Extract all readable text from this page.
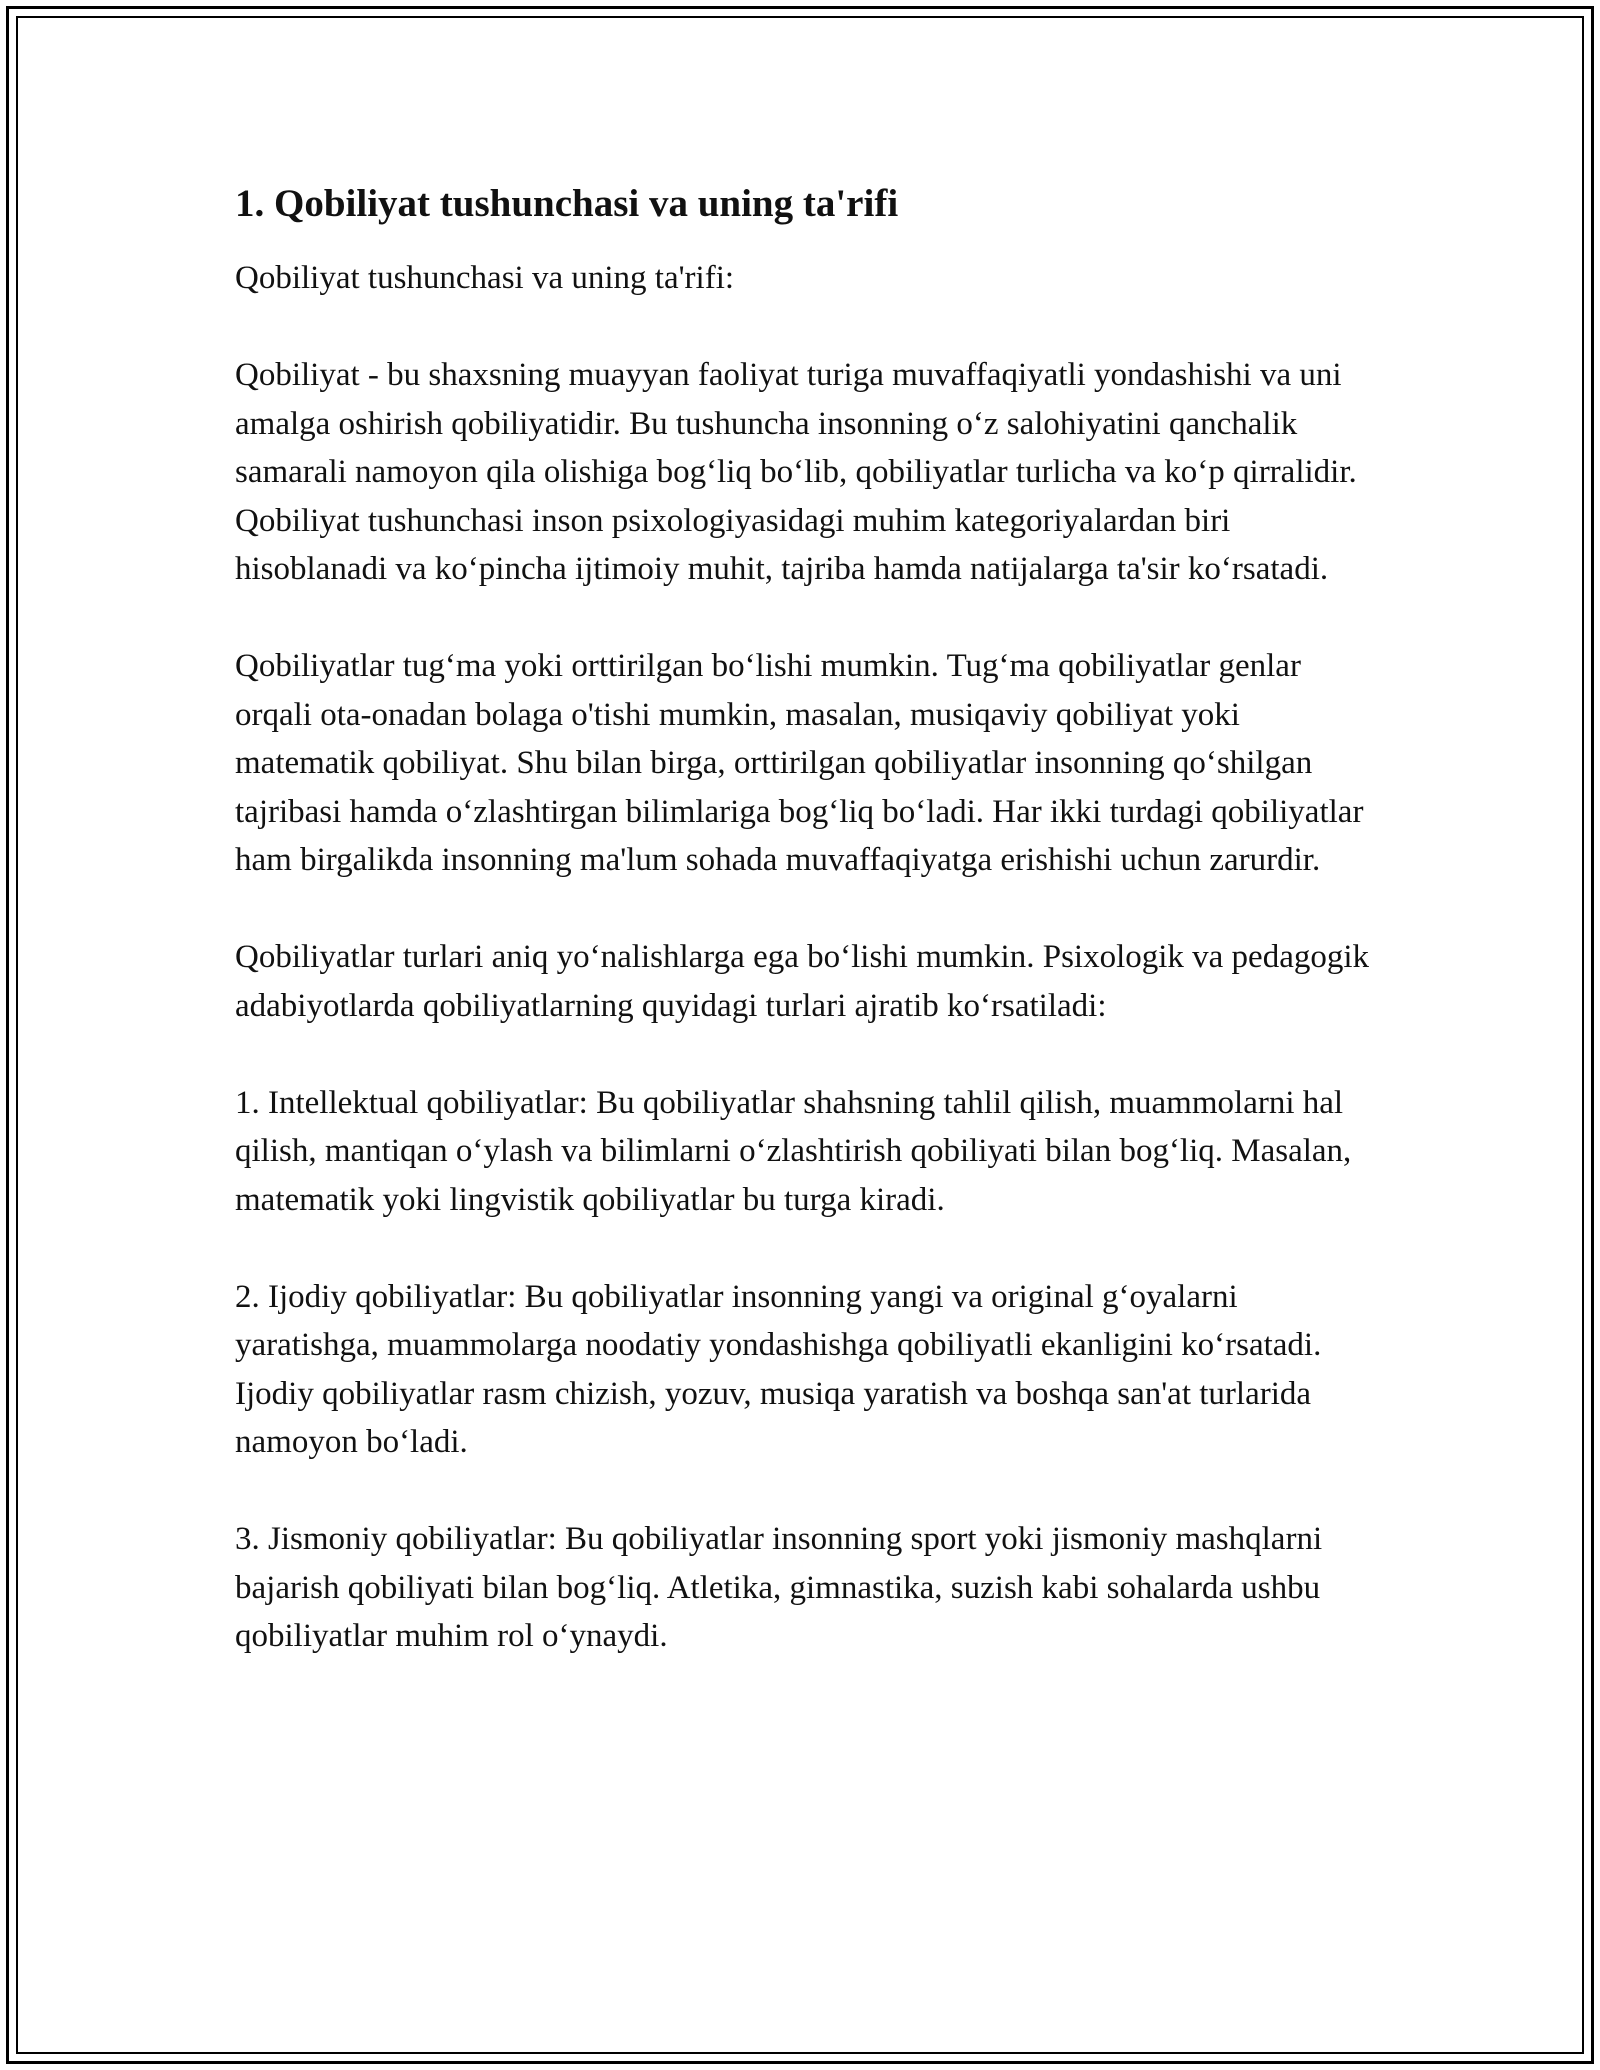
1. Qobiliyat tushunchasi va uning ta'rifi

Qobiliyat tushunchasi va uning ta'rifi:

Qobiliyat - bu shaxsning muayyan faoliyat turiga muvaffaqiyatli yondashishi va uni amalga oshirish qobiliyatidir. Bu tushuncha insonning o‘z salohiyatini qanchalik samarali namoyon qila olishiga bog‘liq bo‘lib, qobiliyatlar turlicha va ko‘p qirralidir. Qobiliyat tushunchasi inson psixologiyasidagi muhim kategoriyalardan biri hisoblanadi va ko‘pincha ijtimoiy muhit, tajriba hamda natijalarga ta'sir ko‘rsatadi.

Qobiliyatlar tug‘ma yoki orttirilgan bo‘lishi mumkin. Tug‘ma qobiliyatlar genlar orqali ota-onadan bolaga o'tishi mumkin, masalan, musiqaviy qobiliyat yoki matematik qobiliyat. Shu bilan birga, orttirilgan qobiliyatlar insonning qo‘shilgan tajribasi hamda o‘zlashtirgan bilimlariga bog‘liq bo‘ladi. Har ikki turdagi qobiliyatlar ham birgalikda insonning ma'lum sohada muvaffaqiyatga erishishi uchun zarurdir.

Qobiliyatlar turlari aniq yo‘nalishlarga ega bo‘lishi mumkin. Psixologik va pedagogik adabiyotlarda qobiliyatlarning quyidagi turlari ajratib ko‘rsatiladi:

1. Intellektual qobiliyatlar: Bu qobiliyatlar shahsning tahlil qilish, muammolarni hal qilish, mantiqan o‘ylash va bilimlarni o‘zlashtirish qobiliyati bilan bog‘liq. Masalan, matematik yoki lingvistik qobiliyatlar bu turga kiradi.

2. Ijodiy qobiliyatlar: Bu qobiliyatlar insonning yangi va original g‘oyalarni yaratishga, muammolarga noodatiy yondashishga qobiliyatli ekanligini ko‘rsatadi. Ijodiy qobiliyatlar rasm chizish, yozuv, musiqa yaratish va boshqa san'at turlarida namoyon bo‘ladi.

3. Jismoniy qobiliyatlar: Bu qobiliyatlar insonning sport yoki jismoniy mashqlarni bajarish qobiliyati bilan bog‘liq. Atletika, gimnastika, suzish kabi sohalarda ushbu qobiliyatlar muhim rol o‘ynaydi.
